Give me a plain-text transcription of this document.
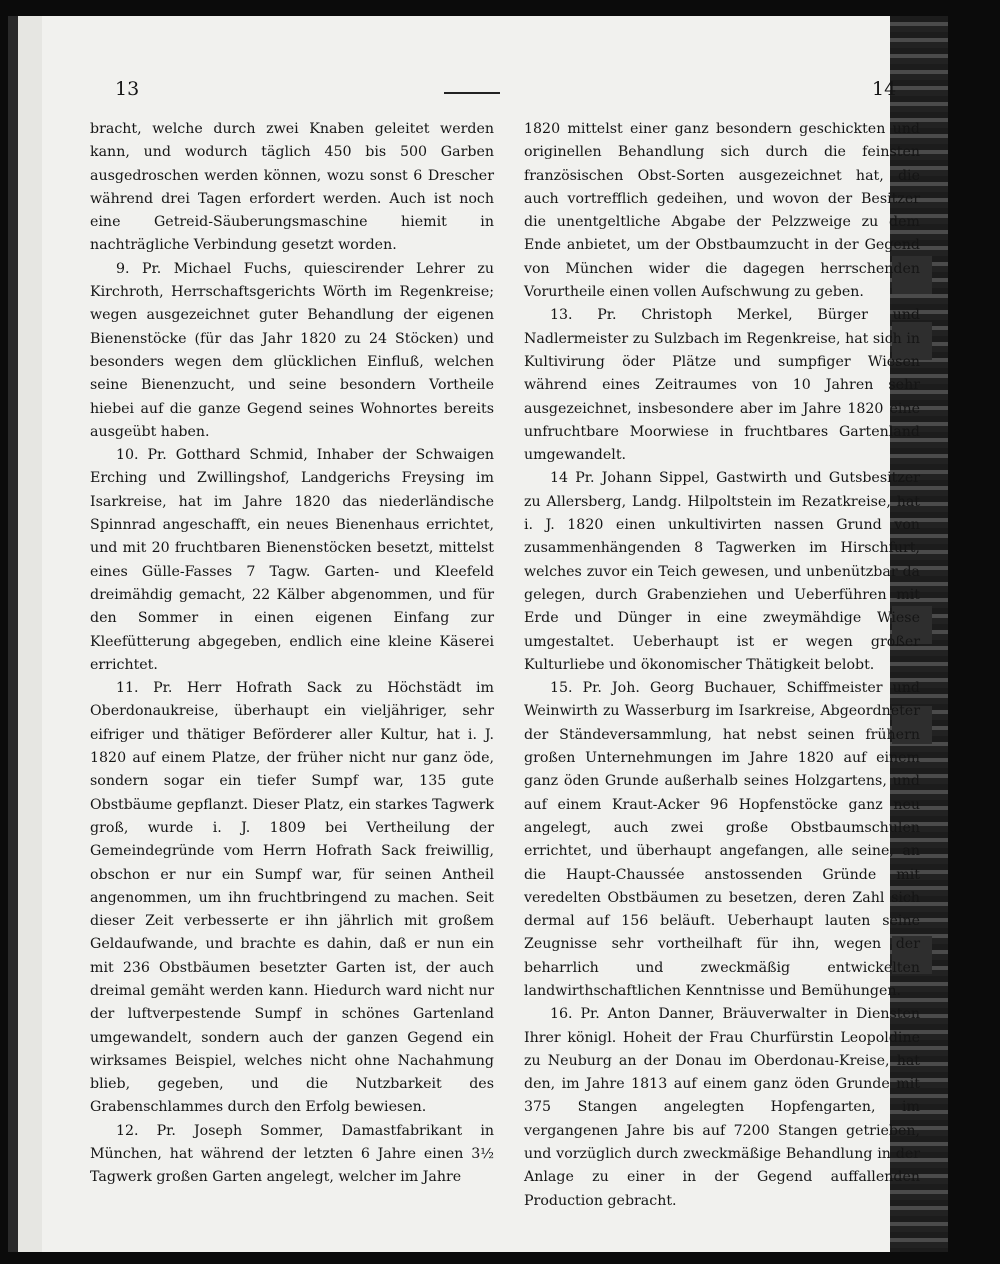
13	14

bracht, welche durch zwei Knaben geleitet werden kann, und wodurch täglich 450 bis 500 Garben ausgedroschen werden können, wozu sonst 6 Drescher während drei Tagen erfordert werden. Auch ist noch eine Getreid-Säuberungsmaschine hiemit in nachträgliche Verbindung gesetzt worden.

9. Pr. Michael Fuchs, quiescirender Lehrer zu Kirchroth, Herrschaftsgerichts Wörth im Regenkreise; wegen ausgezeichnet guter Behandlung der eigenen Bienenstöcke (für das Jahr 1820 zu 24 Stöcken) und besonders wegen dem glücklichen Einfluß, welchen seine Bienenzucht, und seine besondern Vortheile hiebei auf die ganze Gegend seines Wohnortes bereits ausgeübt haben.

10. Pr. Gotthard Schmid, Inhaber der Schwaigen Erching und Zwillingshof, Landgerichs Freysing im Isarkreise, hat im Jahre 1820 das niederländische Spinnrad angeschafft, ein neues Bienenhaus errichtet, und mit 20 fruchtbaren Bienenstöcken besetzt, mittelst eines Gülle-Fasses 7 Tagw. Garten- und Kleefeld dreimähdig gemacht, 22 Kälber abgenommen, und für den Sommer in einen eigenen Einfang zur Kleefütterung abgegeben, endlich eine kleine Käserei errichtet.

11. Pr. Herr Hofrath Sack zu Höchstädt im Oberdonaukreise, überhaupt ein vieljähriger, sehr eifriger und thätiger Beförderer aller Kultur, hat i. J. 1820 auf einem Platze, der früher nicht nur ganz öde, sondern sogar ein tiefer Sumpf war, 135 gute Obstbäume gepflanzt. Dieser Platz, ein starkes Tagwerk groß, wurde i. J. 1809 bei Vertheilung der Gemeindegründe vom Herrn Hofrath Sack freiwillig, obschon er nur ein Sumpf war, für seinen Antheil angenommen, um ihn fruchtbringend zu machen. Seit dieser Zeit verbesserte er ihn jährlich mit großem Geldaufwande, und brachte es dahin, daß er nun ein mit 236 Obstbäumen besetzter Garten ist, der auch dreimal gemäht werden kann. Hiedurch ward nicht nur der luftverpestende Sumpf in schönes Gartenland umgewandelt, sondern auch der ganzen Gegend ein wirksames Beispiel, welches nicht ohne Nachahmung blieb, gegeben, und die Nutzbarkeit des Grabenschlammes durch den Erfolg bewiesen.

12. Pr. Joseph Sommer, Damastfabrikant in München, hat während der letzten 6 Jahre einen 3½ Tagwerk großen Garten angelegt, welcher im Jahre

1820 mittelst einer ganz besondern geschickten und originellen Behandlung sich durch die feinsten französischen Obst-Sorten ausgezeichnet hat, die auch vortrefflich gedeihen, und wovon der Besitzer die unentgeltliche Abgabe der Pelzzweige zu dem Ende anbietet, um der Obstbaumzucht in der Gegend von München wider die dagegen herrschenden Vorurtheile einen vollen Aufschwung zu geben.

13. Pr. Christoph Merkel, Bürger und Nadlermeister zu Sulzbach im Regenkreise, hat sich in Kultivirung öder Plätze und sumpfiger Wiesen während eines Zeitraumes von 10 Jahren sehr ausgezeichnet, insbesondere aber im Jahre 1820 eine unfruchtbare Moorwiese in fruchtbares Gartenland umgewandelt.

14 Pr. Johann Sippel, Gastwirth und Gutsbesitzer zu Allersberg, Landg. Hilpoltstein im Rezatkreise, hat i. J. 1820 einen unkultivirten nassen Grund von zusammenhängenden 8 Tagwerken im Hirschfurt, welches zuvor ein Teich gewesen, und unbenützbar da gelegen, durch Grabenziehen und Ueberführen mit Erde und Dünger in eine zweymähdige Wiese umgestaltet. Ueberhaupt ist er wegen großer Kulturliebe und ökonomischer Thätigkeit belobt.

15. Pr. Joh. Georg Buchauer, Schiffmeister und Weinwirth zu Wasserburg im Isarkreise, Abgeordneter der Ständeversammlung, hat nebst seinen frühern großen Unternehmungen im Jahre 1820 auf einem ganz öden Grunde außerhalb seines Holzgartens, und auf einem Kraut-Acker 96 Hopfenstöcke ganz neu angelegt, auch zwei große Obstbaumschulen errichtet, und überhaupt angefangen, alle seine, an die Haupt-Chaussée anstossenden Gründe mit veredelten Obstbäumen zu besetzen, deren Zahl sich dermal auf 156 beläuft. Ueberhaupt lauten seine Zeugnisse sehr vortheilhaft für ihn, wegen der beharrlich und zweckmäßig entwickelten landwirthschaftlichen Kenntnisse und Bemühungen.

16. Pr. Anton Danner, Bräuverwalter in Diensten Ihrer königl. Hoheit der Frau Churfürstin Leopoldine zu Neuburg an der Donau im Oberdonau-Kreise, hat den, im Jahre 1813 auf einem ganz öden Grunde mit 375 Stangen angelegten Hopfengarten, im vergangenen Jahre bis auf 7200 Stangen getrieben, und vorzüglich durch zweckmäßige Behandlung in der Anlage zu einer in der Gegend auffallenden Production gebracht.
